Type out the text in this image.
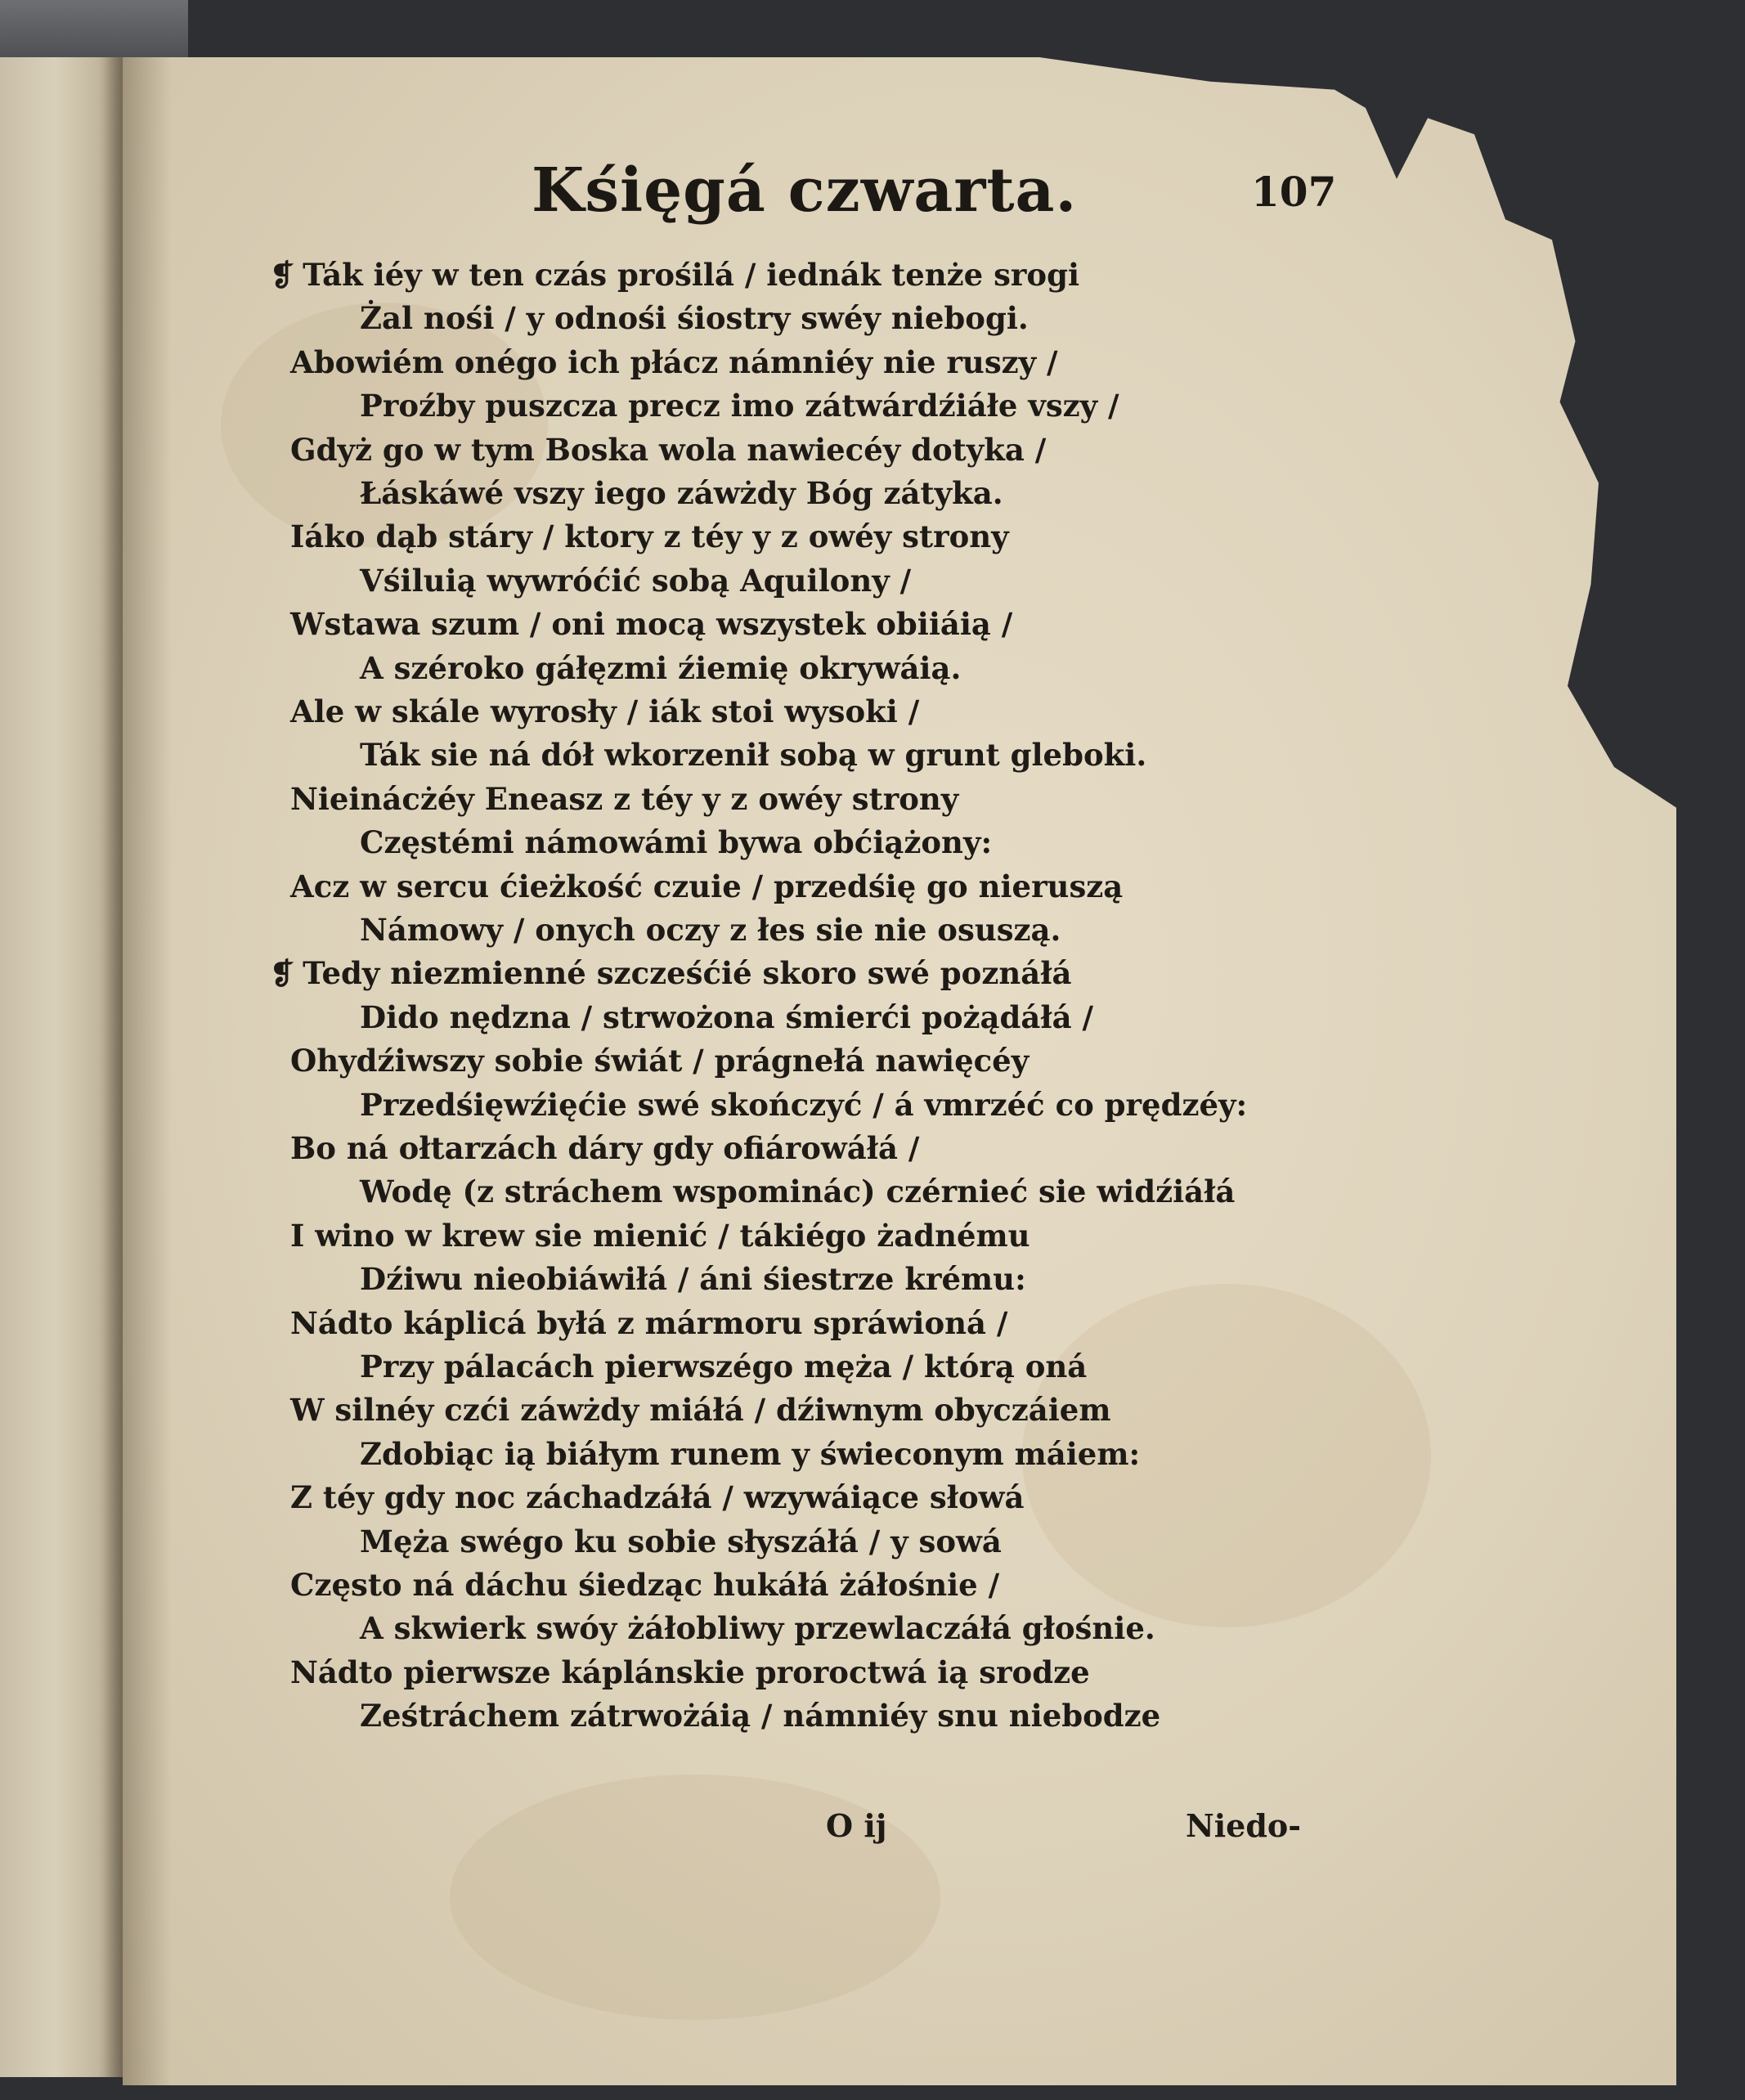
Kśięgá czwarta.	107
❡ Ták iéy w ten czás prośilá / iednák tenże srogi
Żal nośi / y odnośi śiostry swéy niebogi.
Abowiém onégo ich płácz námniéy nie ruszy /
Proźby puszcza precz imo zátwárdźiáłe vszy /
Gdyż go w tym Boska wola nawiecéy dotyka /
Łáskáwé vszy iego záwżdy Bóg zátyka.
Iáko dąb stáry / ktory z téy y z owéy strony
Vśiluią wywróćić sobą Aquilony /
Wstawa szum / oni mocą wszystek obiiáią /
A széroko gáłęzmi źiemię okrywáią.
Ale w skále wyrosły / iák stoi wysoki /
Ták sie ná dół wkorzenił sobą w grunt gleboki.
Nieinácżéy Eneasz z téy y z owéy strony
Częstémi námowámi bywa obćiążony:
Acz w sercu ćieżkość czuie / przedśię go nieruszą
Námowy / onych oczy z łes sie nie osuszą.
❡ Tedy niezmienné szcześćié skoro swé poznáłá
Dido nędzna / strwożona śmierći pożądáłá /
Ohydźiwszy sobie świát / prágnełá nawięcéy
Przedśięwźięćie swé skończyć / á vmrzéć co prędzéy:
Bo ná ołtarzách dáry gdy ofiárowáłá /
Wodę (z stráchem wspominác) czérnieć sie widźiáłá
I wino w krew sie mienić / tákiégo żadnému
Dźiwu nieobiáwiłá / áni śiestrze krému:
Nádto káplicá byłá z mármoru spráwioná /
Przy pálacách pierwszégo męża / którą oná
W silnéy czći záwżdy miáłá / dźiwnym obyczáiem
Zdobiąc ią biáłym runem y świeconym máiem:
Z téy gdy noc záchadzáłá / wzywáiące słowá
Męża swégo ku sobie słyszáłá / y sowá
Często ná dáchu śiedząc hukáłá żáłośnie /
A skwierk swóy żáłobliwy przewlaczáłá głośnie.
Nádto pierwsze káplánskie proroctwá ią srodze
Ześtráchem zátrwożáią / námniéy snu niebodze
O ij	Niedo-
